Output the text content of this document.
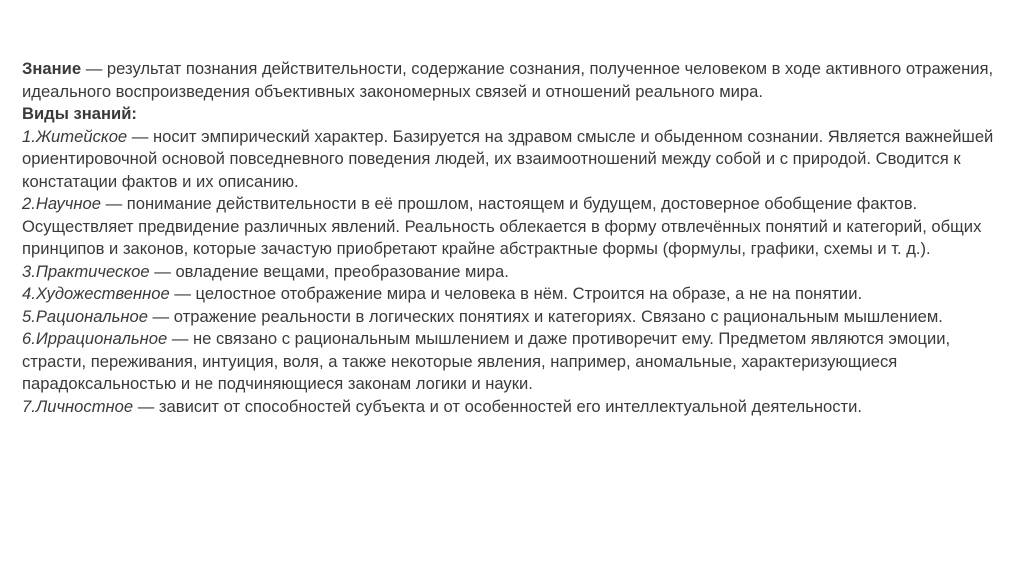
Знание — результат познания действительности, содержание сознания, полученное человеком в ходе активного отражения, идеального воспроизведения объективных закономерных связей и отношений реального мира.

Виды знаний:

1.Житейское — носит эмпирический характер. Базируется на здравом смысле и обыденном сознании. Является важнейшей ориентировочной основой повседневного поведения людей, их взаимоотношений между собой и с природой. Сводится к констатации фактов и их описанию.

2.Научное — понимание действительности в её прошлом, настоящем и будущем, достоверное обобщение фактов. Осуществляет предвидение различных явлений. Реальность облекается в форму отвлечённых понятий и категорий, общих принципов и законов, которые зачастую приобретают крайне абстрактные формы (формулы, графики, схемы и т. д.).

3.Практическое — овладение вещами, преобразование мира.

4.Художественное — целостное отображение мира и человека в нём. Строится на образе, а не на понятии.

5.Рациональное — отражение реальности в логических понятиях и категориях. Связано с рациональным мышлением.

6.Иррациональное — не связано с рациональным мышлением и даже противоречит ему. Предметом являются эмоции, страсти, переживания, интуиция, воля, а также некоторые явления, например, аномальные, характеризующиеся парадоксальностью и не подчиняющиеся законам логики и науки.

7.Личностное — зависит от способностей субъекта и от особенностей его интеллектуальной деятельности.
